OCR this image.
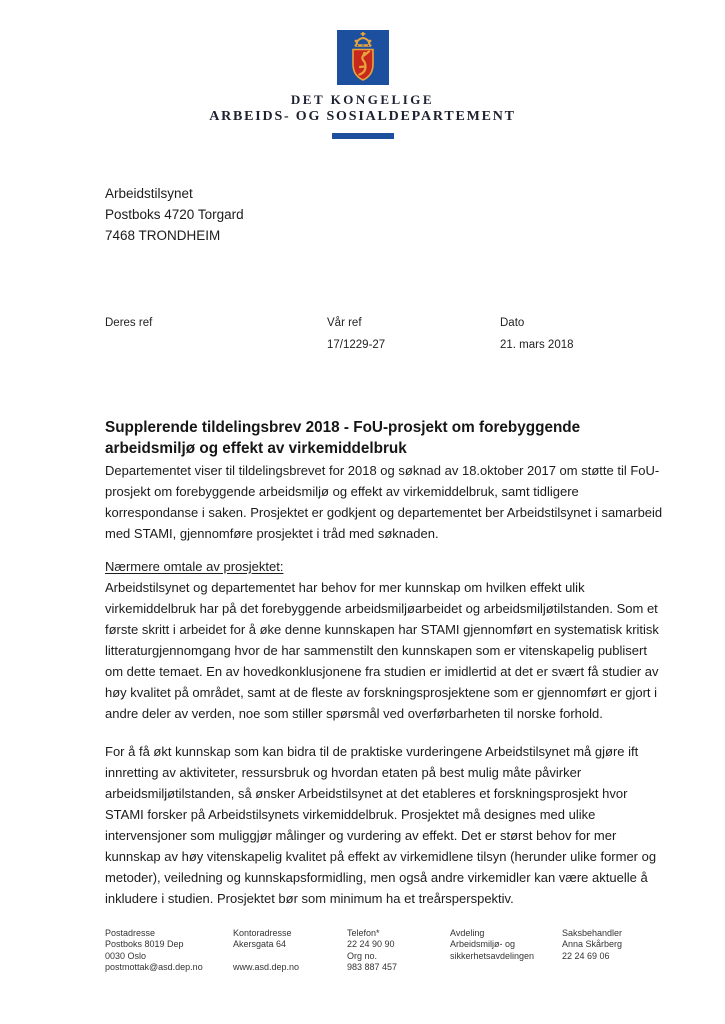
DET KONGELIGE
ARBEIDS- OG SOSIALDEPARTEMENT
Arbeidstilsynet
Postboks 4720 Torgard
7468 TRONDHEIM
Deres ref	Vår ref
17/1229-27
Dato
21. mars 2018
Supplerende tildelingsbrev 2018 - FoU-prosjekt om forebyggende arbeidsmiljø og effekt av virkemiddelbruk
Departementet viser til tildelingsbrevet for 2018 og søknad av 18.oktober 2017 om støtte til FoU-prosjekt om forebyggende arbeidsmiljø og effekt av virkemiddelbruk, samt tidligere korrespondanse i saken. Prosjektet er godkjent og departementet ber Arbeidstilsynet i samarbeid med STAMI, gjennomføre prosjektet i tråd med søknaden.
Nærmere omtale av prosjektet:
Arbeidstilsynet og departementet har behov for mer kunnskap om hvilken effekt ulik virkemiddelbruk har på det forebyggende arbeidsmiljøarbeidet og arbeidsmiljøtilstanden. Som et første skritt i arbeidet for å øke denne kunnskapen har STAMI gjennomført en systematisk kritisk litteraturgjennomgang hvor de har sammenstilt den kunnskapen som er vitenskapelig publisert om dette temaet. En av hovedkonklusjonene fra studien er imidlertid at det er svært få studier av høy kvalitet på området, samt at de fleste av forskningsprosjektene som er gjennomført er gjort i andre deler av verden, noe som stiller spørsmål ved overførbarheten til norske forhold.
For å få økt kunnskap som kan bidra til de praktiske vurderingene Arbeidstilsynet må gjøre ift innretting av aktiviteter, ressursbruk og hvordan etaten på best mulig måte påvirker arbeidsmiljøtilstanden, så ønsker Arbeidstilsynet at det etableres et forskningsprosjekt hvor STAMI forsker på Arbeidstilsynets virkemiddelbruk. Prosjektet må designes med ulike intervensjoner som muliggjør målinger og vurdering av effekt. Det er størst behov for mer kunnskap av høy vitenskapelig kvalitet på effekt av virkemidlene tilsyn (herunder ulike former og metoder), veiledning og kunnskapsformidling, men også andre virkemidler kan være aktuelle å inkludere i studien. Prosjektet bør som minimum ha et treårsperspektiv.
Postadresse
Postboks 8019 Dep
0030 Oslo
postmottak@asd.dep.no
Kontoradresse
Akersgata 64
www.asd.dep.no
Telefon*
22 24 90 90
Org no.
983 887 457
Avdeling
Arbeidsmiljø- og
sikkerhetsavdelingen
Saksbehandler
Anna Skårberg
22 24 69 06
